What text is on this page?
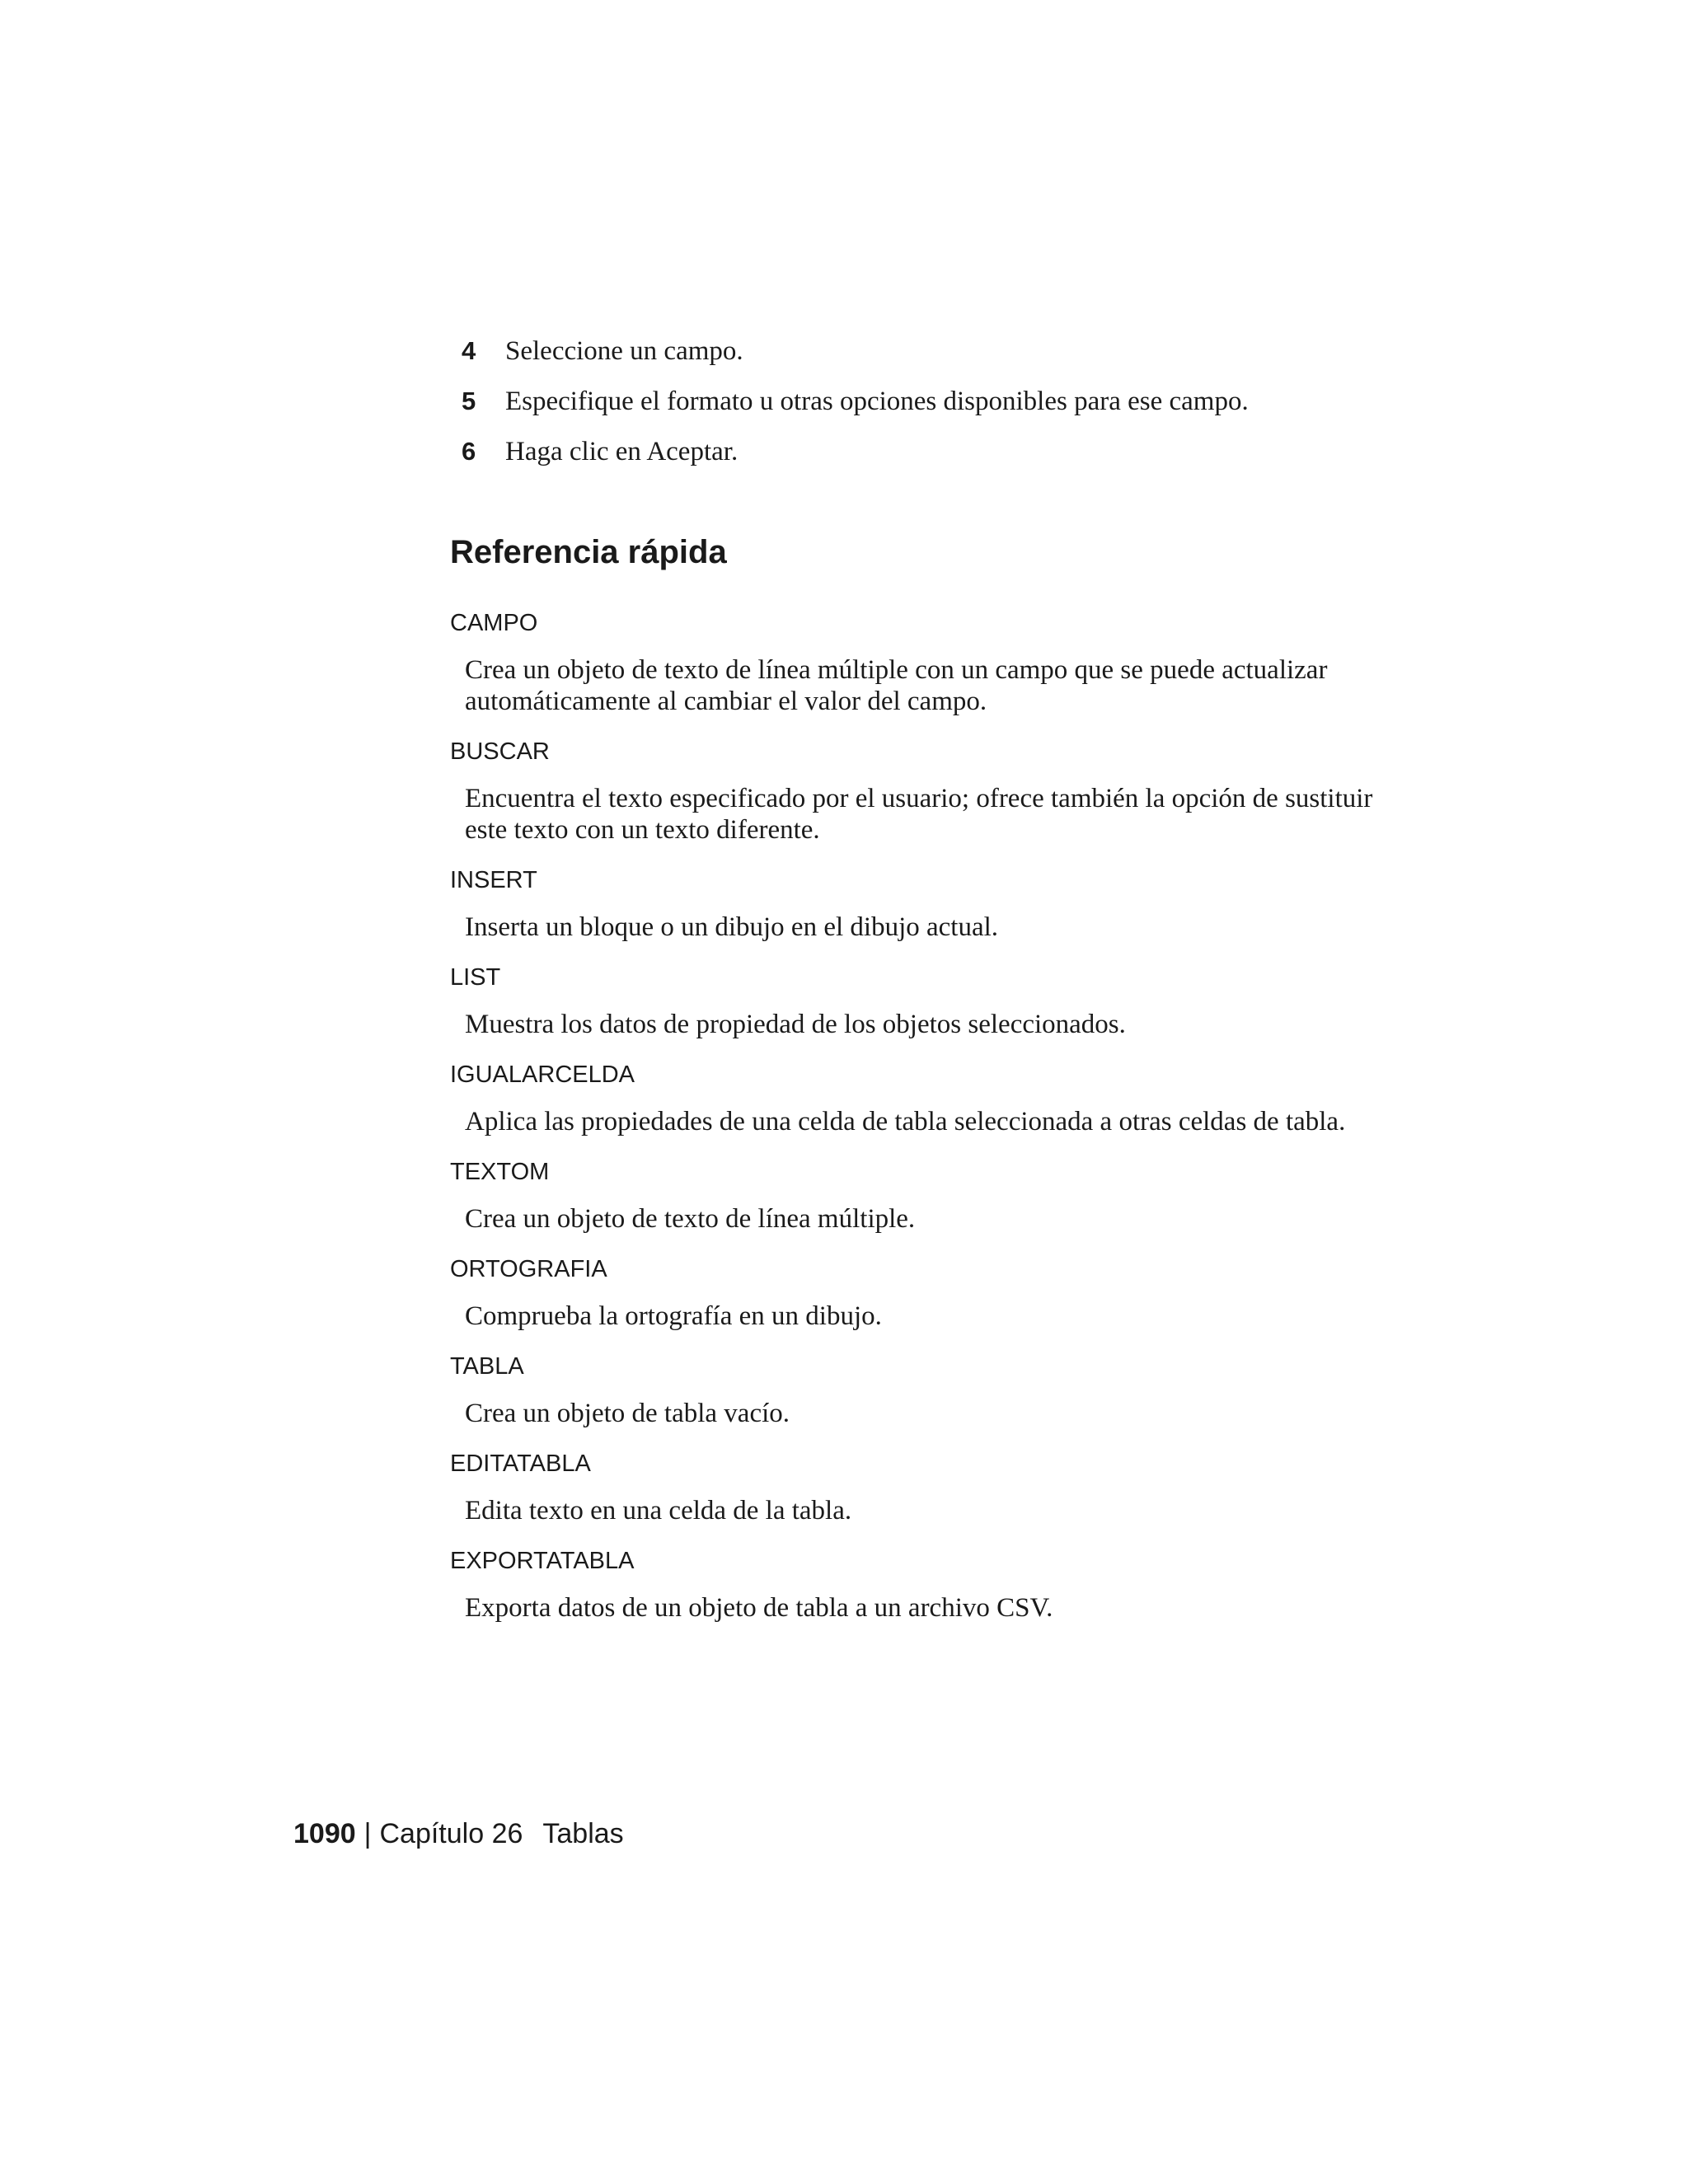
4	Seleccione un campo.
5	Especifique el formato u otras opciones disponibles para ese campo.
6	Haga clic en Aceptar.
Referencia rápida
CAMPO
Crea un objeto de texto de línea múltiple con un campo que se puede actualizar automáticamente al cambiar el valor del campo.
BUSCAR
Encuentra el texto especificado por el usuario; ofrece también la opción de sustituir este texto con un texto diferente.
INSERT
Inserta un bloque o un dibujo en el dibujo actual.
LIST
Muestra los datos de propiedad de los objetos seleccionados.
IGUALARCELDA
Aplica las propiedades de una celda de tabla seleccionada a otras celdas de tabla.
TEXTOM
Crea un objeto de texto de línea múltiple.
ORTOGRAFIA
Comprueba la ortografía en un dibujo.
TABLA
Crea un objeto de tabla vacío.
EDITATABLA
Edita texto en una celda de la tabla.
EXPORTATABLA
Exporta datos de un objeto de tabla a un archivo CSV.
1090 | Capítulo 26 Tablas
